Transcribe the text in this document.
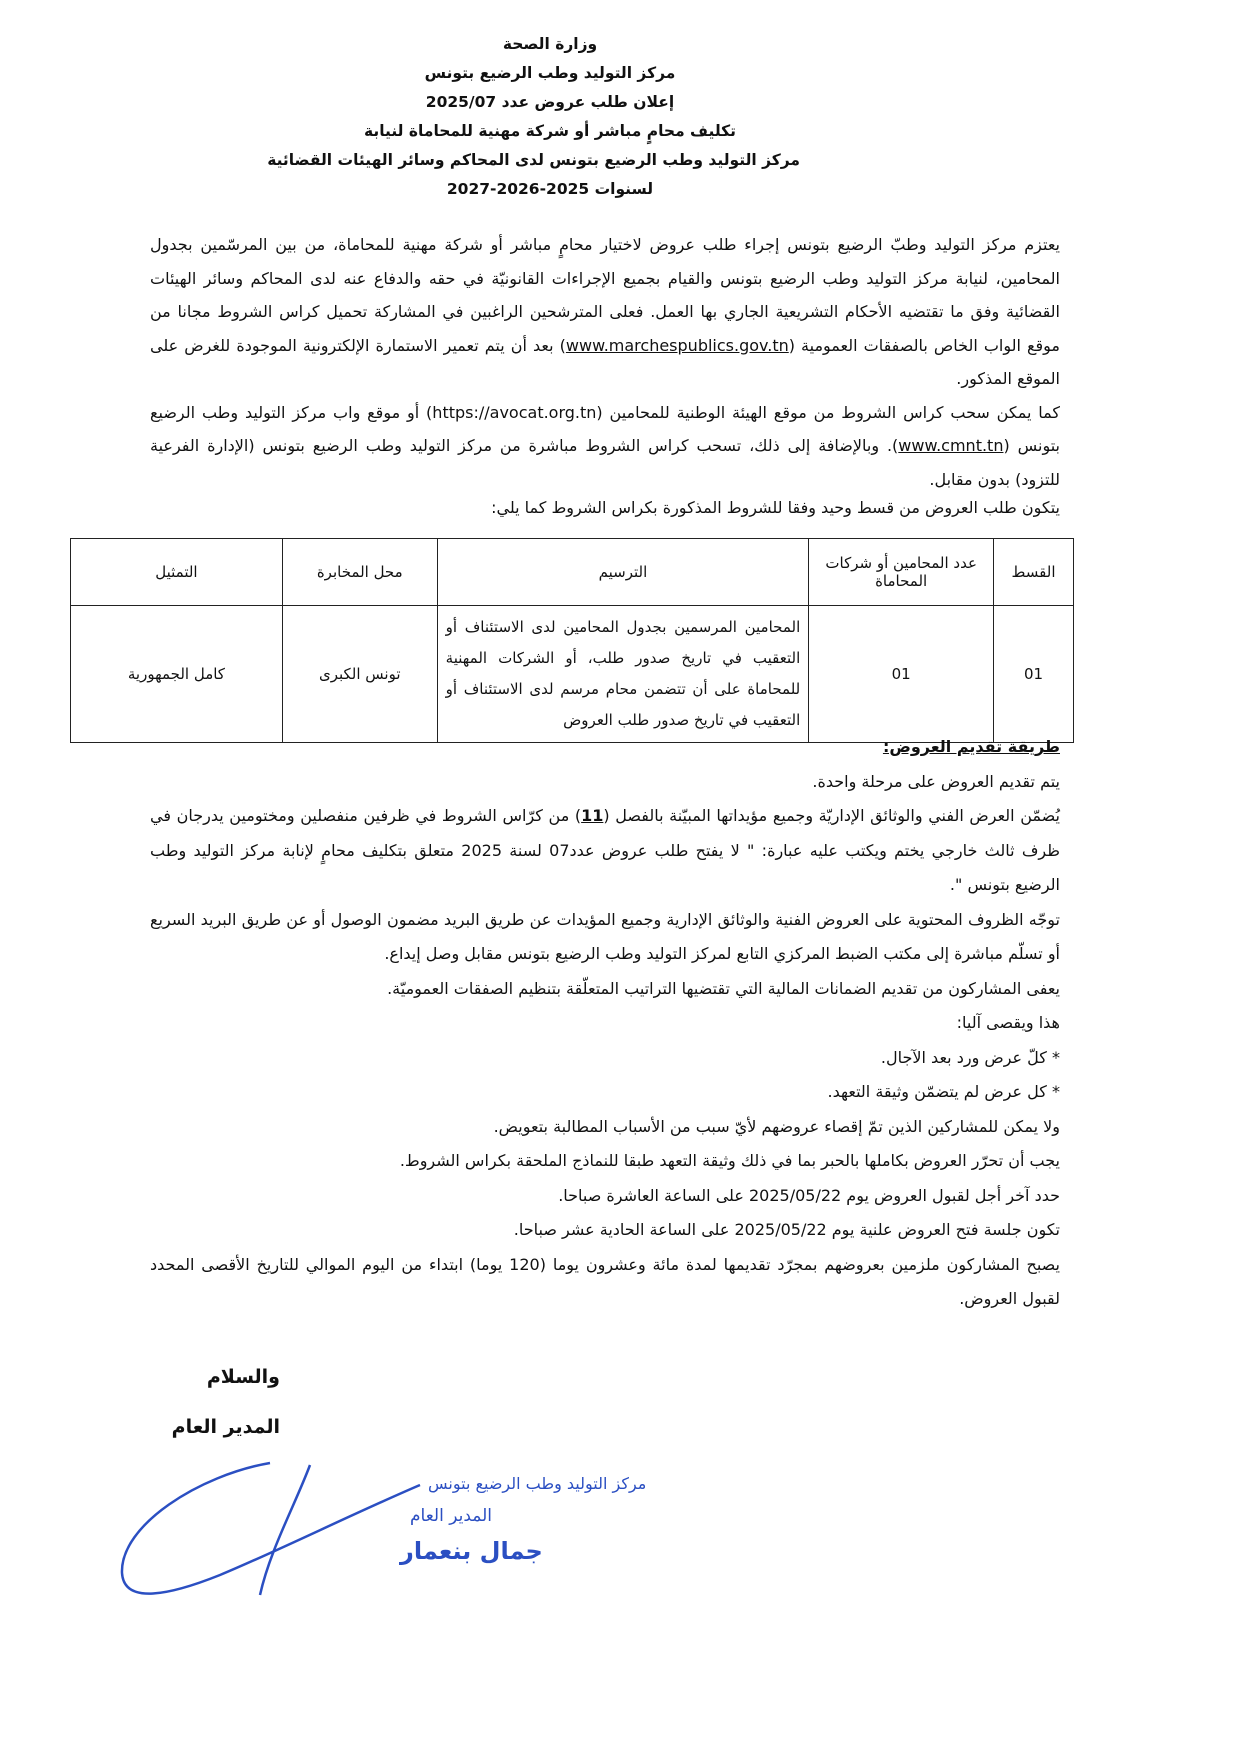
وزارة الصحة
مركز التوليد وطب الرضيع بتونس
إعلان طلب عروض عدد 2025/07
تكليف محامٍ مباشر أو شركة مهنية للمحاماة لنيابة
مركز التوليد وطب الرضيع بتونس لدى المحاكم وسائر الهيئات القضائية
لسنوات 2025-2026-2027

يعتزم مركز التوليد وطبّ الرضيع بتونس إجراء طلب عروض لاختيار محامٍ مباشر أو شركة مهنية للمحاماة، من بين المرسّمين بجدول المحامين، لنيابة مركز التوليد وطب الرضيع بتونس والقيام بجميع الإجراءات القانونيّة في حقه والدفاع عنه لدى المحاكم وسائر الهيئات القضائية وفق ما تقتضيه الأحكام التشريعية الجاري بها العمل. فعلى المترشحين الراغبين في المشاركة تحميل كراس الشروط مجانا من موقع الواب الخاص بالصفقات العمومية (www.marchespublics.gov.tn) بعد أن يتم تعمير الاستمارة الإلكترونية الموجودة للغرض على الموقع المذكور.

كما يمكن سحب كراس الشروط من موقع الهيئة الوطنية للمحامين (https://avocat.org.tn) أو موقع واب مركز التوليد وطب الرضيع بتونس (www.cmnt.tn). وبالإضافة إلى ذلك، تسحب كراس الشروط مباشرة من مركز التوليد وطب الرضيع بتونس (الإدارة الفرعية للتزود) بدون مقابل.

يتكون طلب العروض من قسط وحيد وفقا للشروط المذكورة بكراس الشروط كما يلي:
القسط	عدد المحامين أو شركات المحاماة	الترسيم	محل المخابرة	التمثيل
01	01	المحامين المرسمين بجدول المحامين لدى الاستئناف أو التعقيب في تاريخ صدور طلب، أو الشركات المهنية للمحاماة على أن تتضمن محام مرسم لدى الاستئناف أو التعقيب في تاريخ صدور طلب العروض	تونس الكبرى	كامل الجمهورية

طريقة تقديم العروض:

يتم تقديم العروض على مرحلة واحدة.

يُضمّن العرض الفني والوثائق الإداريّة وجميع مؤيداتها المبيّنة بالفصل (11) من كرّاس الشروط في ظرفين منفصلين ومختومين يدرجان في ظرف ثالث خارجي يختم ويكتب عليه عبارة: " لا يفتح طلب عروض عدد07 لسنة 2025 متعلق بتكليف محامٍ لإنابة مركز التوليد وطب الرضيع بتونس ".

توجّه الظروف المحتوية على العروض الفنية والوثائق الإدارية وجميع المؤيدات عن طريق البريد مضمون الوصول أو عن طريق البريد السريع أو تسلّم مباشرة إلى مكتب الضبط المركزي التابع لمركز التوليد وطب الرضيع بتونس مقابل وصل إيداع.

يعفى المشاركون من تقديم الضمانات المالية التي تقتضيها التراتيب المتعلّقة بتنظيم الصفقات العموميّة.

هذا ويقصى آليا:

* كلّ عرض ورد بعد الآجال.

* كل عرض لم يتضمّن وثيقة التعهد.

ولا يمكن للمشاركين الذين تمّ إقصاء عروضهم لأيّ سبب من الأسباب المطالبة بتعويض.

يجب أن تحرّر العروض بكاملها بالحبر بما في ذلك وثيقة التعهد طبقا للنماذج الملحقة بكراس الشروط.

حدد آخر أجل لقبول العروض يوم 2025/05/22 على الساعة العاشرة صباحا.

تكون جلسة فتح العروض علنية يوم 2025/05/22 على الساعة الحادية عشر صباحا.

يصبح المشاركون ملزمين بعروضهم بمجرّد تقديمها لمدة مائة وعشرون يوما (120 يوما) ابتداء من اليوم الموالي للتاريخ الأقصى المحدد لقبول العروض.

والسلام
المدير العام
مركز التوليد وطب الرضيع بتونس
المدير العام
جمال بنعمار
